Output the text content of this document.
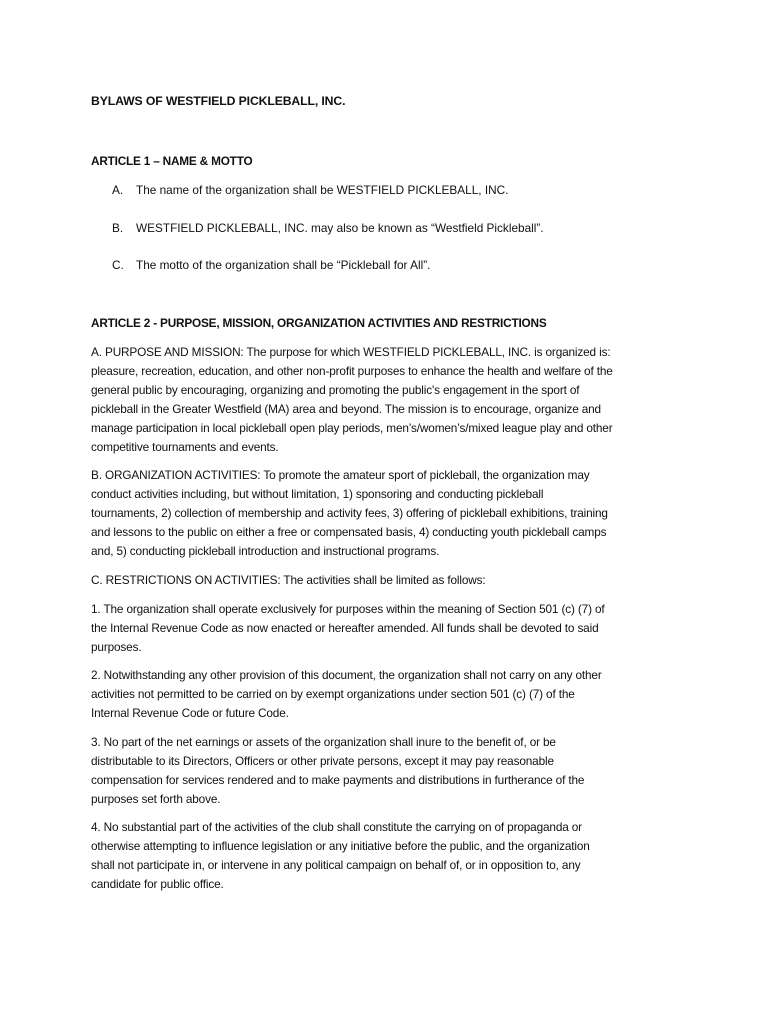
BYLAWS OF WESTFIELD PICKLEBALL, INC.
ARTICLE 1 – NAME & MOTTO
A. The name of the organization shall be WESTFIELD PICKLEBALL, INC.
B. WESTFIELD PICKLEBALL, INC. may also be known as “Westfield Pickleball”.
C. The motto of the organization shall be “Pickleball for All”.
ARTICLE 2 - PURPOSE, MISSION, ORGANIZATION ACTIVITIES AND RESTRICTIONS
A. PURPOSE AND MISSION: The purpose for which WESTFIELD PICKLEBALL, INC. is organized is:
pleasure, recreation, education, and other non-profit purposes to enhance the health and welfare of the
general public by encouraging, organizing and promoting the public's engagement in the sport of
pickleball in the Greater Westfield (MA) area and beyond. The mission is to encourage, organize and
manage participation in local pickleball open play periods, men’s/women’s/mixed league play and other
competitive tournaments and events.
B. ORGANIZATION ACTIVITIES: To promote the amateur sport of pickleball, the organization may
conduct activities including, but without limitation, 1) sponsoring and conducting pickleball
tournaments, 2) collection of membership and activity fees, 3) offering of pickleball exhibitions, training
and lessons to the public on either a free or compensated basis, 4) conducting youth pickleball camps
and, 5) conducting pickleball introduction and instructional programs.
C. RESTRICTIONS ON ACTIVITIES: The activities shall be limited as follows:
1. The organization shall operate exclusively for purposes within the meaning of Section 501 (c) (7) of
the Internal Revenue Code as now enacted or hereafter amended. All funds shall be devoted to said
purposes.
2. Notwithstanding any other provision of this document, the organization shall not carry on any other
activities not permitted to be carried on by exempt organizations under section 501 (c) (7) of the
Internal Revenue Code or future Code.
3. No part of the net earnings or assets of the organization shall inure to the benefit of, or be
distributable to its Directors, Officers or other private persons, except it may pay reasonable
compensation for services rendered and to make payments and distributions in furtherance of the
purposes set forth above.
4. No substantial part of the activities of the club shall constitute the carrying on of propaganda or
otherwise attempting to influence legislation or any initiative before the public, and the organization
shall not participate in, or intervene in any political campaign on behalf of, or in opposition to, any
candidate for public office.
